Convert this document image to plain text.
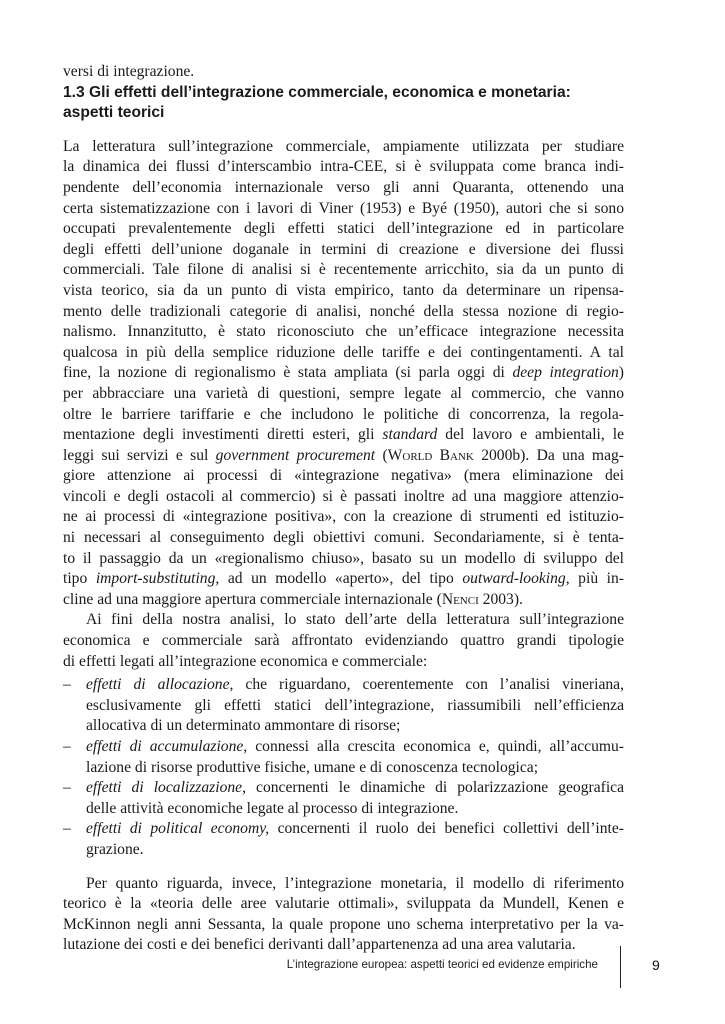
versi di integrazione.
1.3 Gli effetti dell’integrazione commerciale, economica e monetaria:
aspetti teorici
La letteratura sull’integrazione commerciale, ampiamente utilizzata per studiare
la dinamica dei flussi d’interscambio intra-CEE, si è sviluppata come branca indi-
pendente dell’economia internazionale verso gli anni Quaranta, ottenendo una
certa sistematizzazione con i lavori di Viner (1953) e Byé (1950), autori che si sono
occupati prevalentemente degli effetti statici dell’integrazione ed in particolare
degli effetti dell’unione doganale in termini di creazione e diversione dei flussi
commerciali. Tale filone di analisi si è recentemente arricchito, sia da un punto di
vista teorico, sia da un punto di vista empirico, tanto da determinare un ripensa-
mento delle tradizionali categorie di analisi, nonché della stessa nozione di regio-
nalismo. Innanzitutto, è stato riconosciuto che un’efficace integrazione necessita
qualcosa in più della semplice riduzione delle tariffe e dei contingentamenti. A tal
fine, la nozione di regionalismo è stata ampliata (si parla oggi di deep integration)
per abbracciare una varietà di questioni, sempre legate al commercio, che vanno
oltre le barriere tariffarie e che includono le politiche di concorrenza, la regola-
mentazione degli investimenti diretti esteri, gli standard del lavoro e ambientali, le
leggi sui servizi e sul government procurement (World Bank 2000b). Da una mag-
giore attenzione ai processi di «integrazione negativa» (mera eliminazione dei
vincoli e degli ostacoli al commercio) si è passati inoltre ad una maggiore attenzio-
ne ai processi di «integrazione positiva», con la creazione di strumenti ed istituzio-
ni necessari al conseguimento degli obiettivi comuni. Secondariamente, si è tenta-
to il passaggio da un «regionalismo chiuso», basato su un modello di sviluppo del
tipo import-substituting, ad un modello «aperto», del tipo outward-looking, più in-
cline ad una maggiore apertura commerciale internazionale (Nenci 2003).
Ai fini della nostra analisi, lo stato dell’arte della letteratura sull’integrazione
economica e commerciale sarà affrontato evidenziando quattro grandi tipologie
di effetti legati all’integrazione economica e commerciale:
– effetti di allocazione, che riguardano, coerentemente con l’analisi vineriana,
esclusivamente gli effetti statici dell’integrazione, riassumibili nell’efficienza
allocativa di un determinato ammontare di risorse;
– effetti di accumulazione, connessi alla crescita economica e, quindi, all’accumu-
lazione di risorse produttive fisiche, umane e di conoscenza tecnologica;
– effetti di localizzazione, concernenti le dinamiche di polarizzazione geografica
delle attività economiche legate al processo di integrazione.
– effetti di political economy, concernenti il ruolo dei benefici collettivi dell’inte-
grazione.
Per quanto riguarda, invece, l’integrazione monetaria, il modello di riferimento
teorico è la «teoria delle aree valutarie ottimali», sviluppata da Mundell, Kenen e
McKinnon negli anni Sessanta, la quale propone uno schema interpretativo per la va-
lutazione dei costi e dei benefici derivanti dall’appartenenza ad una area valutaria.
L’integrazione europea: aspetti teorici ed evidenze empiriche	9
